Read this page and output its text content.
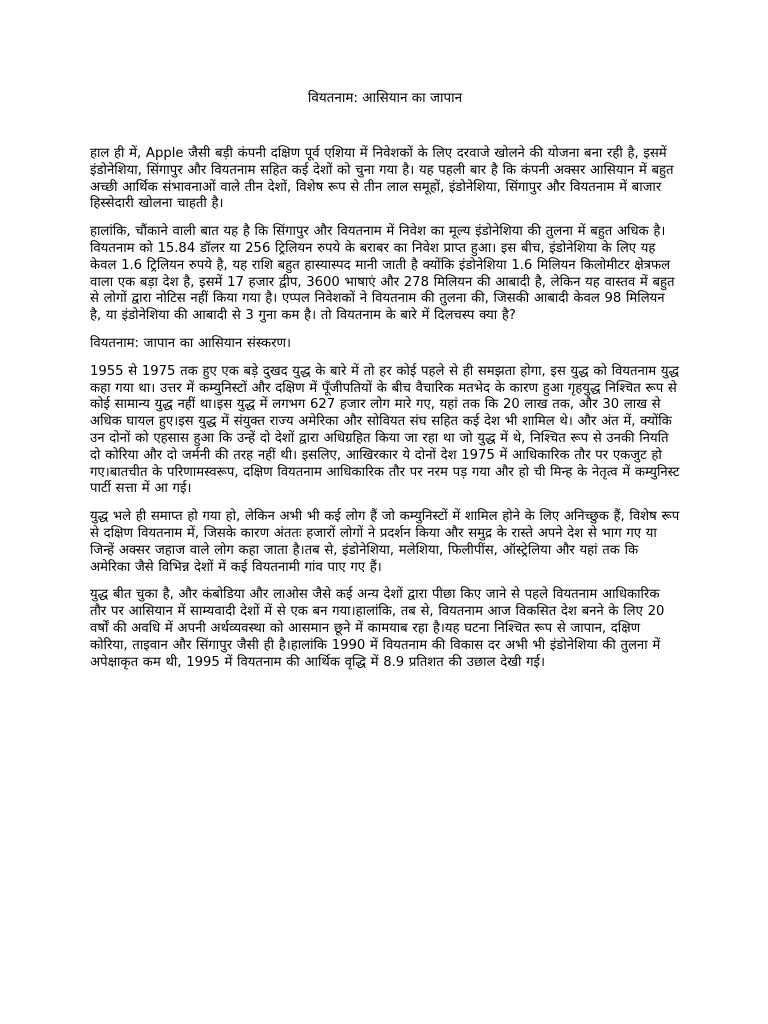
वियतनाम: आसियान का जापान

हाल ही में, Apple जैसी बड़ी कंपनी दक्षिण पूर्व एशिया में निवेशकों के लिए दरवाजे खोलने की योजना बना रही है, इसमें इंडोनेशिया, सिंगापुर और वियतनाम सहित कई देशों को चुना गया है। यह पहली बार है कि कंपनी अक्सर आसियान में बहुत अच्छी आर्थिक संभावनाओं वाले तीन देशों, विशेष रूप से तीन लाल समूहों, इंडोनेशिया, सिंगापुर और वियतनाम में बाजार हिस्सेदारी खोलना चाहती है।

हालांकि, चौंकाने वाली बात यह है कि सिंगापुर और वियतनाम में निवेश का मूल्य इंडोनेशिया की तुलना में बहुत अधिक है। वियतनाम को 15.84 डॉलर या 256 ट्रिलियन रुपये के बराबर का निवेश प्राप्त हुआ। इस बीच, इंडोनेशिया के लिए यह केवल 1.6 ट्रिलियन रुपये है, यह राशि बहुत हास्यास्पद मानी जाती है क्योंकि इंडोनेशिया 1.6 मिलियन किलोमीटर क्षेत्रफल वाला एक बड़ा देश है, इसमें 17 हजार द्वीप, 3600 भाषाएं और 278 मिलियन की आबादी है, लेकिन यह वास्तव में बहुत से लोगों द्वारा नोटिस नहीं किया गया है। एप्पल निवेशकों ने वियतनाम की तुलना की, जिसकी आबादी केवल 98 मिलियन है, या इंडोनेशिया की आबादी से 3 गुना कम है। तो वियतनाम के बारे में दिलचस्प क्या है?

वियतनाम: जापान का आसियान संस्करण।

1955 से 1975 तक हुए एक बड़े दुखद युद्ध के बारे में तो हर कोई पहले से ही समझता होगा, इस युद्ध को वियतनाम युद्ध कहा गया था। उत्तर में कम्युनिस्टों और दक्षिण में पूँजीपतियों के बीच वैचारिक मतभेद के कारण हुआ गृहयुद्ध निश्चित रूप से कोई सामान्य युद्ध नहीं था।इस युद्ध में लगभग 627 हजार लोग मारे गए, यहां तक कि 20 लाख तक, और 30 लाख से अधिक घायल हुए।इस युद्ध में संयुक्त राज्य अमेरिका और सोवियत संघ सहित कई देश भी शामिल थे। और अंत में, क्योंकि उन दोनों को एहसास हुआ कि उन्हें दो देशों द्वारा अधिग्रहित किया जा रहा था जो युद्ध में थे, निश्चित रूप से उनकी नियति दो कोरिया और दो जर्मनी की तरह नहीं थी। इसलिए, आखिरकार ये दोनों देश 1975 में आधिकारिक तौर पर एकजुट हो गए।बातचीत के परिणामस्वरूप, दक्षिण वियतनाम आधिकारिक तौर पर नरम पड़ गया और हो ची मिन्ह के नेतृत्व में कम्युनिस्ट पार्टी सत्ता में आ गई।

युद्ध भले ही समाप्त हो गया हो, लेकिन अभी भी कई लोग हैं जो कम्युनिस्टों में शामिल होने के लिए अनिच्छुक हैं, विशेष रूप से दक्षिण वियतनाम में, जिसके कारण अंततः हजारों लोगों ने प्रदर्शन किया और समुद्र के रास्ते अपने देश से भाग गए या जिन्हें अक्सर जहाज वाले लोग कहा जाता है।तब से, इंडोनेशिया, मलेशिया, फिलीपींस, ऑस्ट्रेलिया और यहां तक कि अमेरिका जैसे विभिन्न देशों में कई वियतनामी गांव पाए गए हैं।

युद्ध बीत चुका है, और कंबोडिया और लाओस जैसे कई अन्य देशों द्वारा पीछा किए जाने से पहले वियतनाम आधिकारिक तौर पर आसियान में साम्यवादी देशों में से एक बन गया।हालांकि, तब से, वियतनाम आज विकसित देश बनने के लिए 20 वर्षों की अवधि में अपनी अर्थव्यवस्था को आसमान छूने में कामयाब रहा है।यह घटना निश्चित रूप से जापान, दक्षिण कोरिया, ताइवान और सिंगापुर जैसी ही है।हालांकि 1990 में वियतनाम की विकास दर अभी भी इंडोनेशिया की तुलना में अपेक्षाकृत कम थी, 1995 में वियतनाम की आर्थिक वृद्धि में 8.9 प्रतिशत की उछाल देखी गई।
